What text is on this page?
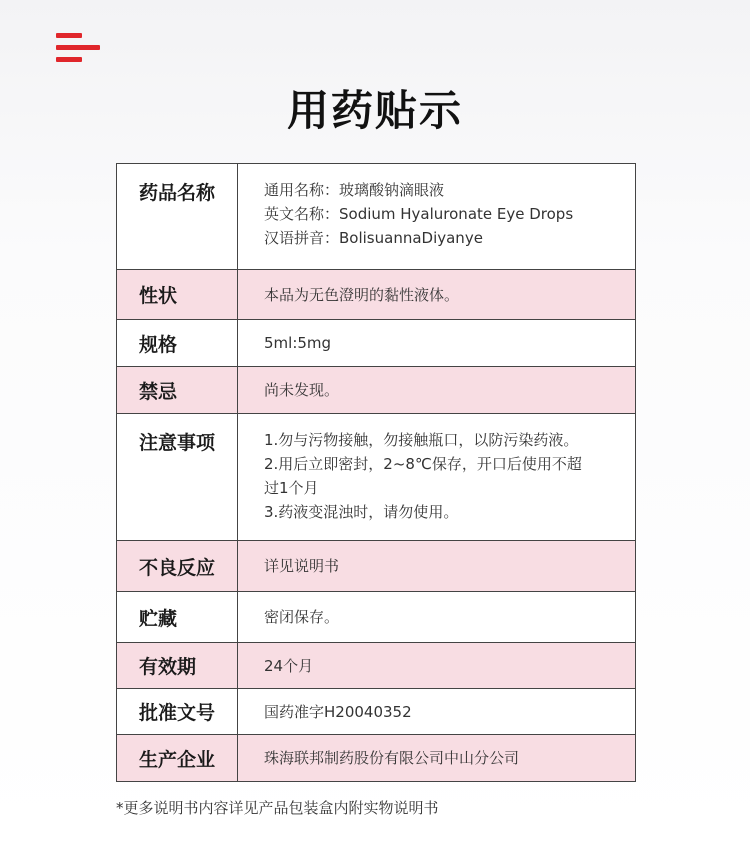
用药贴示
药品名称	通用名称：玻璃酸钠滴眼液
英文名称：Sodium Hyaluronate Eye Drops
汉语拼音：BolisuannaDiyanye

性状	本品为无色澄明的黏性液体。

规格	5ml:5mg

禁忌	尚未发现。

注意事项	1.勿与污物接触，勿接触瓶口，以防污染药液。
2.用后立即密封，2~8℃保存，开口后使用不超
过1个月
3.药液变混浊时，请勿使用。

不良反应	详见说明书

贮藏	密闭保存。

有效期	24个月

批准文号	国药准字H20040352

生产企业	珠海联邦制药股份有限公司中山分公司
*更多说明书内容详见产品包装盒内附实物说明书
